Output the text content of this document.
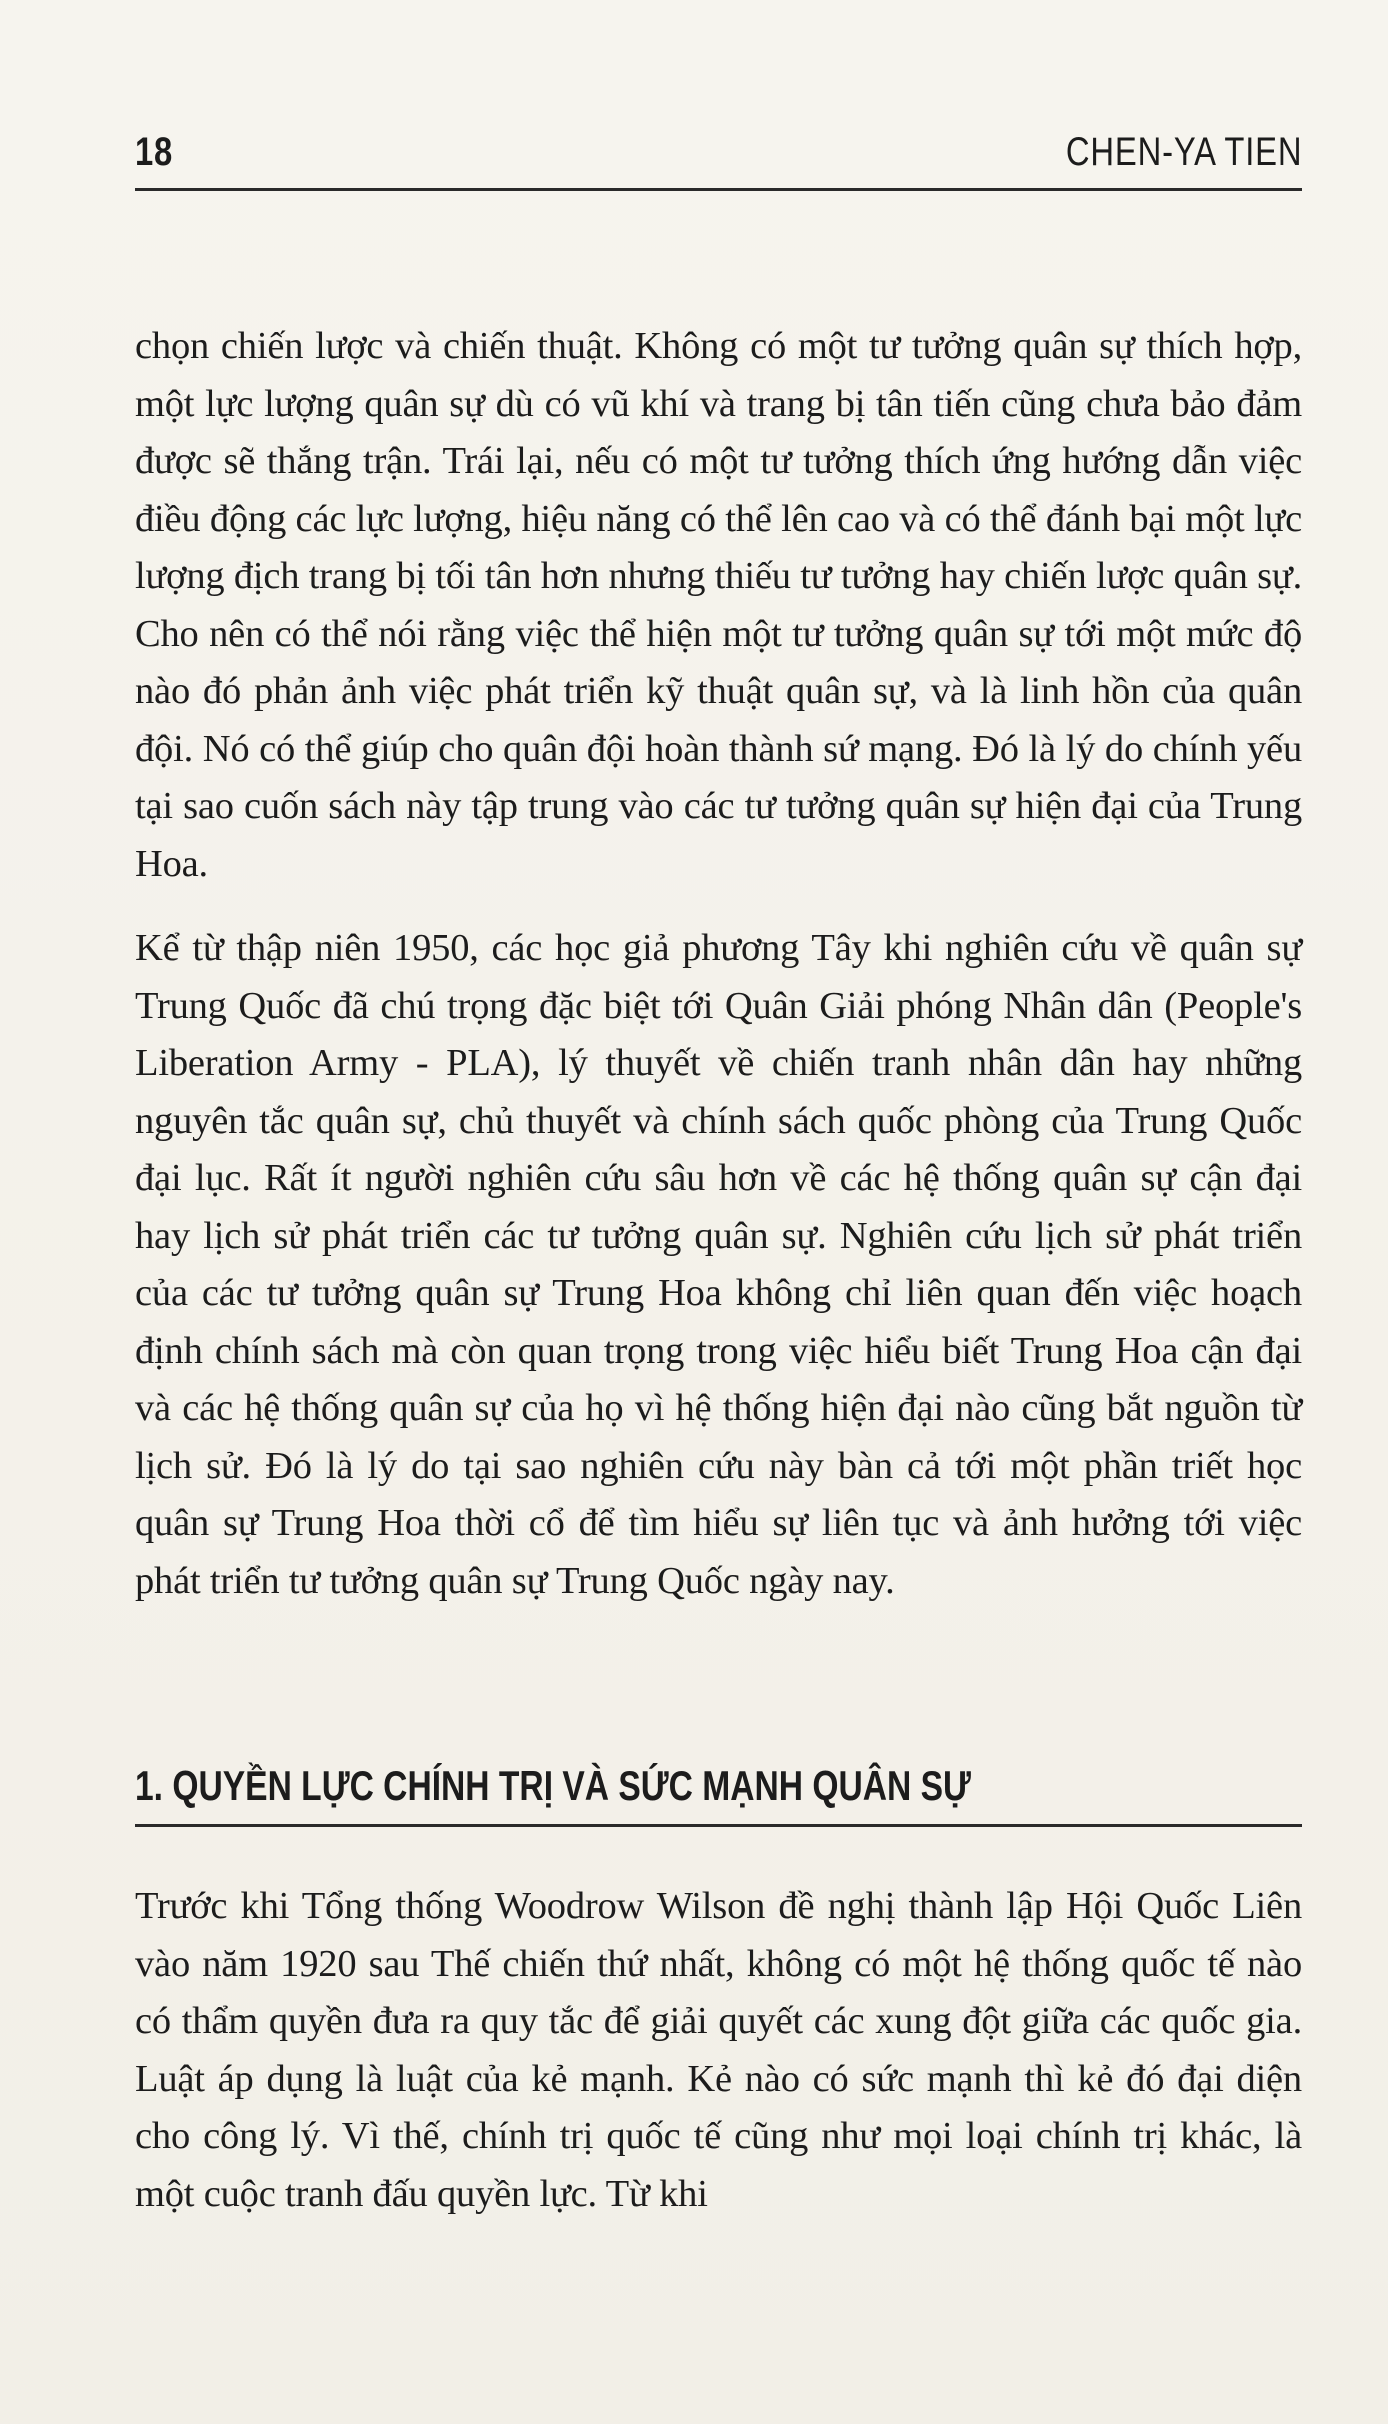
18	CHEN-YA TIEN

chọn chiến lược và chiến thuật. Không có một tư tưởng quân sự thích hợp, một lực lượng quân sự dù có vũ khí và trang bị tân tiến cũng chưa bảo đảm được sẽ thắng trận. Trái lại, nếu có một tư tưởng thích ứng hướng dẫn việc điều động các lực lượng, hiệu năng có thể lên cao và có thể đánh bại một lực lượng địch trang bị tối tân hơn nhưng thiếu tư tưởng hay chiến lược quân sự. Cho nên có thể nói rằng việc thể hiện một tư tưởng quân sự tới một mức độ nào đó phản ảnh việc phát triển kỹ thuật quân sự, và là linh hồn của quân đội. Nó có thể giúp cho quân đội hoàn thành sứ mạng. Đó là lý do chính yếu tại sao cuốn sách này tập trung vào các tư tưởng quân sự hiện đại của Trung Hoa.

Kể từ thập niên 1950, các học giả phương Tây khi nghiên cứu về quân sự Trung Quốc đã chú trọng đặc biệt tới Quân Giải phóng Nhân dân (People's Liberation Army - PLA), lý thuyết về chiến tranh nhân dân hay những nguyên tắc quân sự, chủ thuyết và chính sách quốc phòng của Trung Quốc đại lục. Rất ít người nghiên cứu sâu hơn về các hệ thống quân sự cận đại hay lịch sử phát triển các tư tưởng quân sự. Nghiên cứu lịch sử phát triển của các tư tưởng quân sự Trung Hoa không chỉ liên quan đến việc hoạch định chính sách mà còn quan trọng trong việc hiểu biết Trung Hoa cận đại và các hệ thống quân sự của họ vì hệ thống hiện đại nào cũng bắt nguồn từ lịch sử. Đó là lý do tại sao nghiên cứu này bàn cả tới một phần triết học quân sự Trung Hoa thời cổ để tìm hiểu sự liên tục và ảnh hưởng tới việc phát triển tư tưởng quân sự Trung Quốc ngày nay.

1. QUYỀN LỰC CHÍNH TRỊ VÀ SỨC MẠNH QUÂN SỰ

Trước khi Tổng thống Woodrow Wilson đề nghị thành lập Hội Quốc Liên vào năm 1920 sau Thế chiến thứ nhất, không có một hệ thống quốc tế nào có thẩm quyền đưa ra quy tắc để giải quyết các xung đột giữa các quốc gia. Luật áp dụng là luật của kẻ mạnh. Kẻ nào có sức mạnh thì kẻ đó đại diện cho công lý. Vì thế, chính trị quốc tế cũng như mọi loại chính trị khác, là một cuộc tranh đấu quyền lực. Từ khi
